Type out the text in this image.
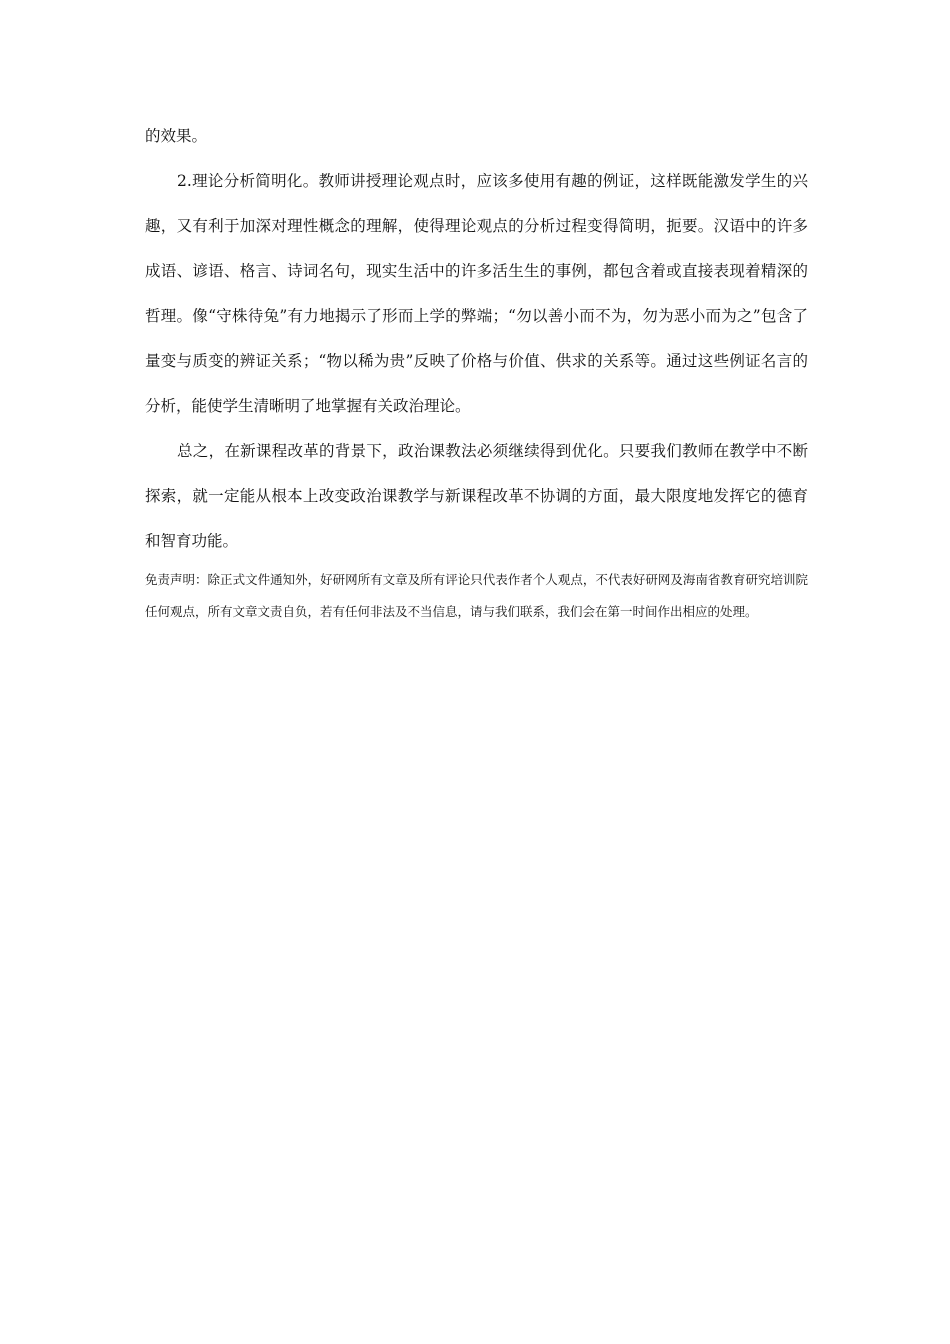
的效果。

2.理论分析简明化。教师讲授理论观点时，应该多使用有趣的例证，这样既能激发学生的兴趣，又有利于加深对理性概念的理解，使得理论观点的分析过程变得简明，扼要。汉语中的许多成语、谚语、格言、诗词名句，现实生活中的许多活生生的事例，都包含着或直接表现着精深的哲理。像“守株待兔”有力地揭示了形而上学的弊端；“勿以善小而不为，勿为恶小而为之”包含了量变与质变的辨证关系；“物以稀为贵”反映了价格与价值、供求的关系等。通过这些例证名言的分析，能使学生清晰明了地掌握有关政治理论。

总之，在新课程改革的背景下，政治课教法必须继续得到优化。只要我们教师在教学中不断探索，就一定能从根本上改变政治课教学与新课程改革不协调的方面，最大限度地发挥它的德育和智育功能。

免责声明：除正式文件通知外，好研网所有文章及所有评论只代表作者个人观点，不代表好研网及海南省教育研究培训院任何观点，所有文章文责自负，若有任何非法及不当信息，请与我们联系，我们会在第一时间作出相应的处理。
